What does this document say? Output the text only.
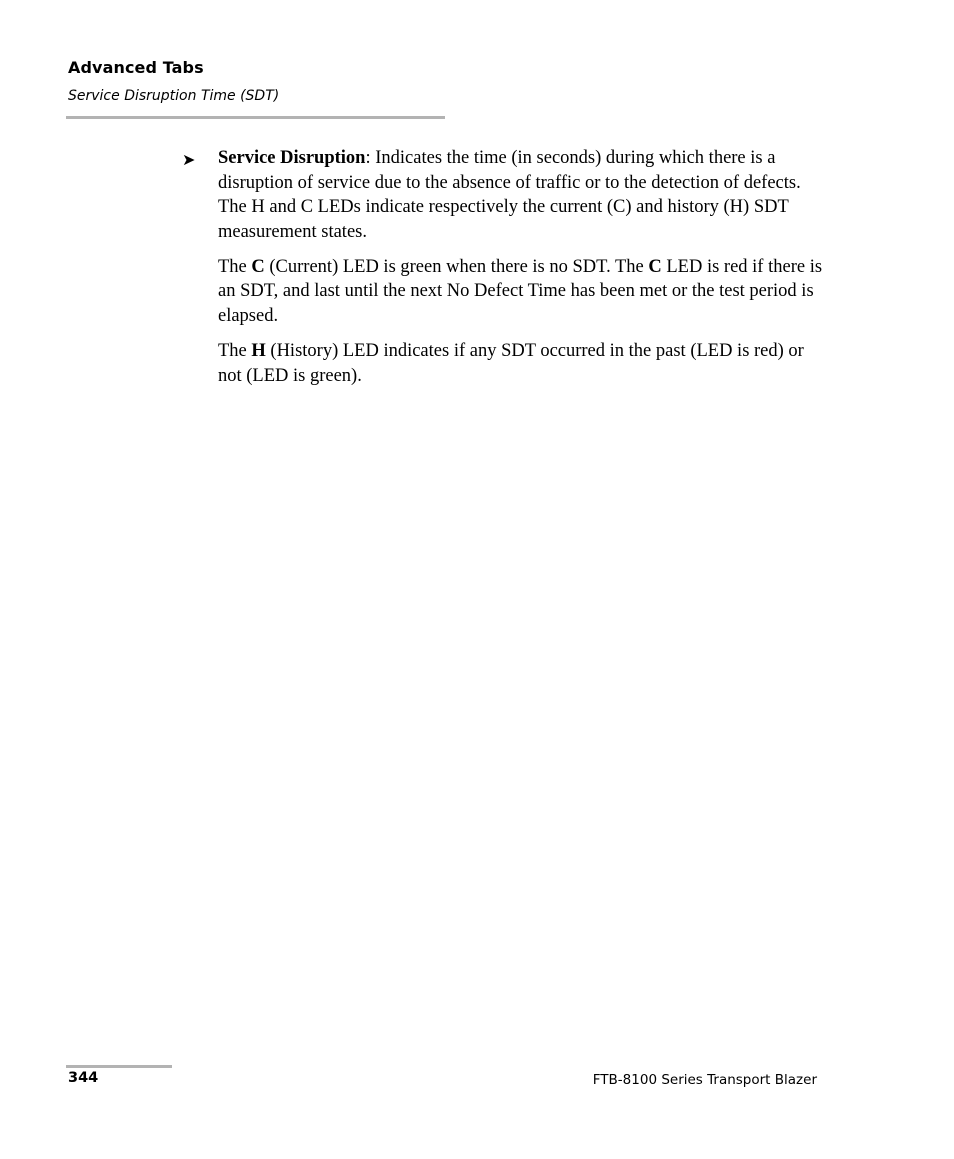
Advanced Tabs
Service Disruption Time (SDT)

➤ Service Disruption: Indicates the time (in seconds) during which there is a disruption of service due to the absence of traffic or to the detection of defects. The H and C LEDs indicate respectively the current (C) and history (H) SDT measurement states.

The C (Current) LED is green when there is no SDT. The C LED is red if there is an SDT, and last until the next No Defect Time has been met or the test period is elapsed.

The H (History) LED indicates if any SDT occurred in the past (LED is red) or not (LED is green).

344	FTB-8100 Series Transport Blazer
